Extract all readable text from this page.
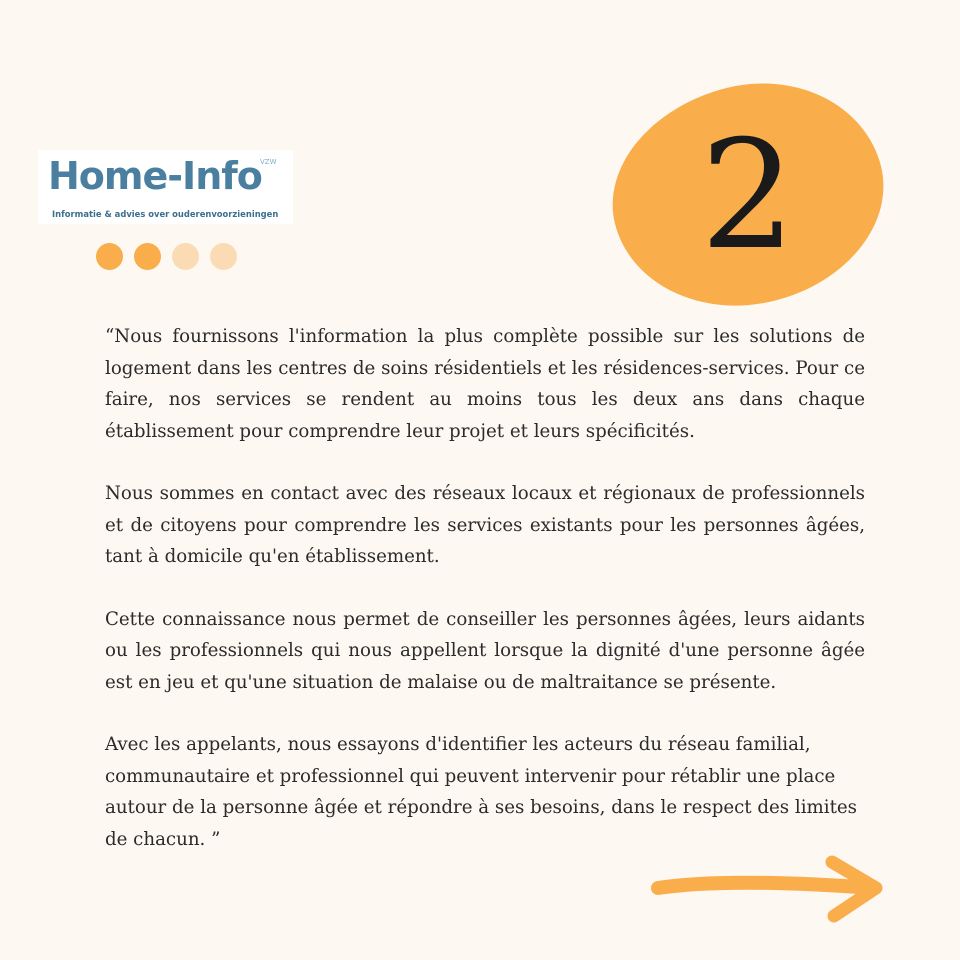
Home-Info
VZW
Informatie & advies over ouderenvoorzieningen	2

“Nous fournissons l'information la plus complète possible sur les solutions de logement dans les centres de soins résidentiels et les résidences-services. Pour ce faire, nos services se rendent au moins tous les deux ans dans chaque établissement pour comprendre leur projet et leurs spécificités.

Nous sommes en contact avec des réseaux locaux et régionaux de professionnels et de citoyens pour comprendre les services existants pour les personnes âgées, tant à domicile qu'en établissement.

Cette connaissance nous permet de conseiller les personnes âgées, leurs aidants ou les professionnels qui nous appellent lorsque la dignité d'une personne âgée est en jeu et qu'une situation de malaise ou de maltraitance se présente.

Avec les appelants, nous essayons d'identifier les acteurs du réseau familial, communautaire et professionnel qui peuvent intervenir pour rétablir une place autour de la personne âgée et répondre à ses besoins, dans le respect des limites de chacun. ”
